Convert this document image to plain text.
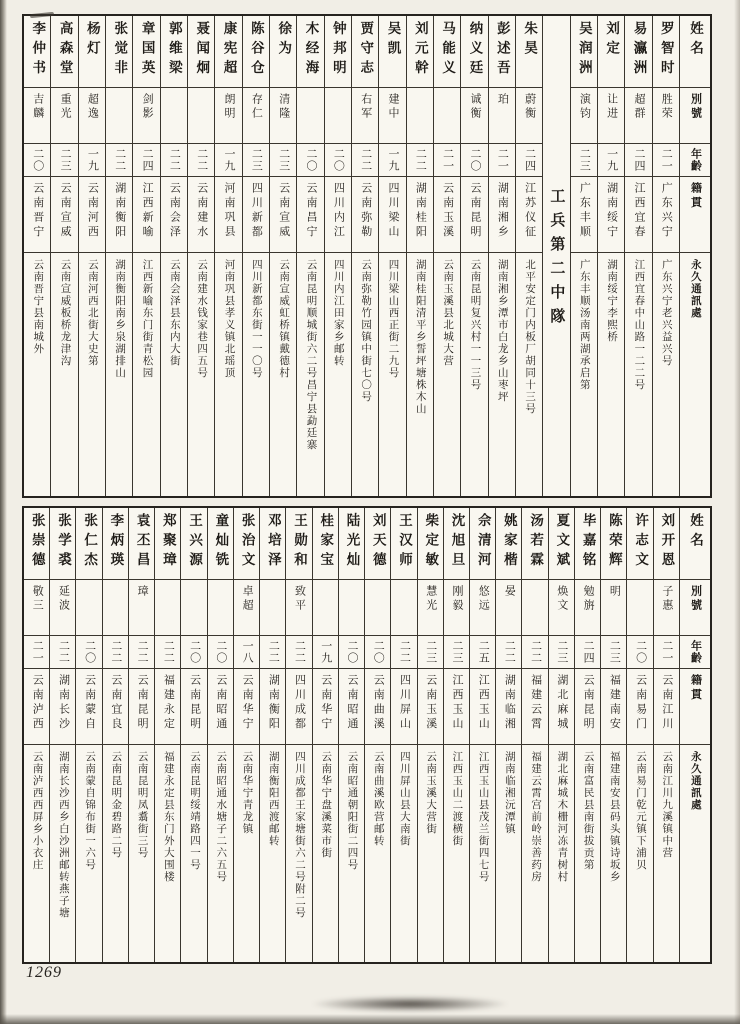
李仲书
吉麟
二〇
云南晋宁
云南晋宁县南城外
高森堂
重光
二三
云南宣威
云南宣威板桥龙津沟
杨灯
超逸
一九
云南河西
云南河西北街大史第
张觉非
二二
湖南衡阳
湖南衡阳南乡泉湖排山
章国英
剑影
二四
江西新喻
江西新喻东门街青松园
郭维梁
二二
云南会泽
云南会泽县东内大街
聂闻炯
二二
云南建水
云南建水钱家巷四五号
康宪超
朗明
一九
河南巩县
河南巩县孝义镇北瑶顶
陈谷仓
存仁
二三
四川新都
四川新都东街一一〇号
徐为
清隆
二三
云南宣威
云南宣威虹桥镇戴德村
木经海
二〇
云南昌宁
云南昆明顺城街六二号昌宁县勐廷寨
钟邦明
二〇
四川内江
四川内江田家乡邮转
贾守志
右军
二二
云南弥勒
云南弥勒竹园镇中街七〇号
吴凯
建中
一九
四川梁山
四川梁山西正街二九号
刘元幹
二二
湖南桂阳
湖南桂阳清平乡誓坪塘株木山
马能义
二一
云南玉溪
云南玉溪县北城大营
纳义廷
诚衡
二〇
云南昆明
云南昆明复兴村一一三号
彭述吾
珀
二一
湖南湘乡
湖南湘乡潭市白龙乡山枣坪
朱昊
蔚衡
二四
江苏仪征
北平安定门内板厂胡同十三号 工兵第二中隊
吴润洲
演钧
二三
广东丰顺
广东丰顺汤南两湖承启第
刘定
让进
一九
湖南绥宁
湖南绥宁李熙桥
易瀛洲
超群
二四
江西宜春
江西宜春中山路一二二号
罗智时
胜荣
二一
广东兴宁
广东兴宁老兴益兴号
姓名
別號
年齡
籍貫
永久通訊處
张崇德
敬三
二一
云南泸西
云南泸西西屏乡小衣庄
张学裘
延波
二二
湖南长沙
湖南长沙西乡白沙洲邮转燕子塘
张仁杰
二〇
云南蒙自
云南蒙自锦布街一六号
李炳瑛
二二
云南宜良
云南昆明金碧路二号
袁丕昌
璋
二二
云南昆明
云南昆明凤翥街三号
郑聚璋
二二
福建永定
福建永定县东门外大围楼
王兴源
二〇
云南昆明
云南昆明绥靖路四一号
童灿铣
二〇
云南昭通
云南昭通水塘子二六五号
张治文
卓超
一八
云南华宁
云南华宁青龙镇
邓培泽
二二
湖南衡阳
湖南衡阳西渡邮转
王勋和
致平
二二
四川成都
四川成都王家塘街六二号附二号
桂家宝
一九
云南华宁
云南华宁盘溪菜市街
陆光灿
二〇
云南昭通
云南昭通朝阳街二四号
刘天德
二〇
云南曲溪
云南曲溪欧营邮转
王汉师
二二
四川屏山
四川屏山县大南街
柴定敏
慧光
二三
云南玉溪
云南玉溪大营街
沈旭旦
刚毅
二三
江西玉山
江西玉山二渡横街
佘清河
悠远
二五
江西玉山
江西玉山县茂兰街四七号
姚家楷
晏
二二
湖南临湘
湖南临湘沅潭镇
汤若霖
二二
福建云霄
福建云霄宫前岭崇善药房
夏文斌
焕文
二三
湖北麻城
湖北麻城木栅河冻青树村
毕嘉铭
勉旃
二四
云南昆明
云南富民县南街拔贡第
陈荣辉
明
二三
福建南安
福建南安县码头镇诗坂乡
许志文
二〇
云南易门
云南易门乾元镇下浦贝
刘开恩
子惠
二一
云南江川
云南江川九溪镇中营
姓名
別號
年齡
籍貫
永久通訊處
1269
